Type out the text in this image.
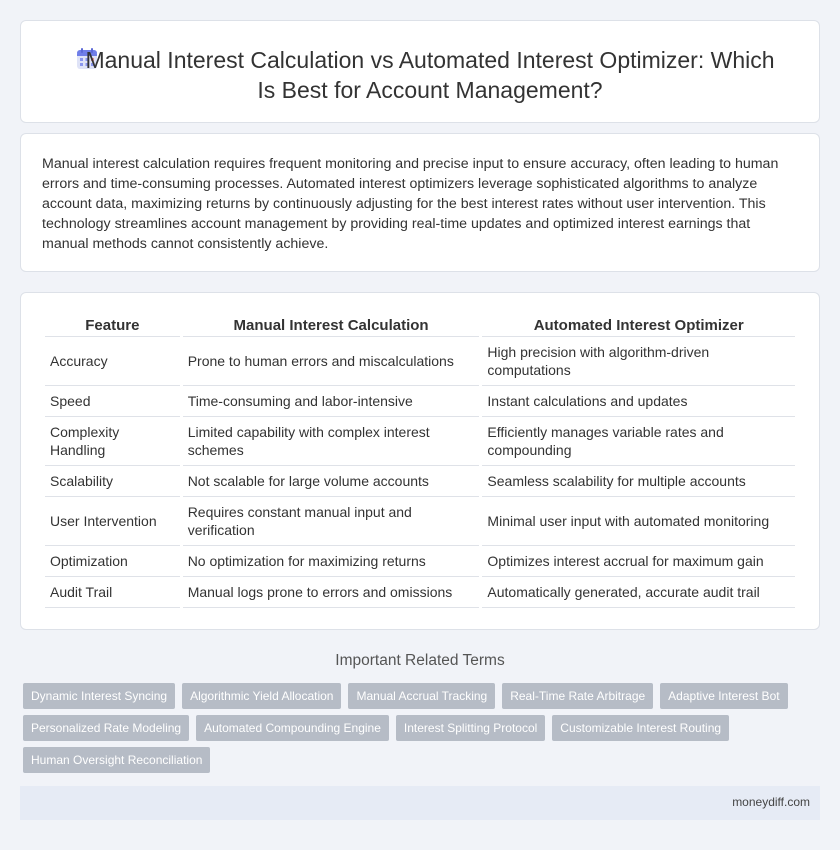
Manual Interest Calculation vs Automated Interest Optimizer: Which Is Best for Account Management?

Manual interest calculation requires frequent monitoring and precise input to ensure accuracy, often leading to human errors and time-consuming processes. Automated interest optimizers leverage sophisticated algorithms to analyze account data, maximizing returns by continuously adjusting for the best interest rates without user intervention. This technology streamlines account management by providing real-time updates and optimized interest earnings that manual methods cannot consistently achieve.

Feature	Manual Interest Calculation	Automated Interest Optimizer
Accuracy	Prone to human errors and miscalculations	High precision with algorithm-driven computations
Speed	Time-consuming and labor-intensive	Instant calculations and updates
Complexity Handling	Limited capability with complex interest schemes	Efficiently manages variable rates and compounding
Scalability	Not scalable for large volume accounts	Seamless scalability for multiple accounts
User Intervention	Requires constant manual input and verification	Minimal user input with automated monitoring
Optimization	No optimization for maximizing returns	Optimizes interest accrual for maximum gain
Audit Trail	Manual logs prone to errors and omissions	Automatically generated, accurate audit trail
Important Related Terms
Dynamic Interest Syncing	Algorithmic Yield Allocation	Manual Accrual Tracking	Real-Time Rate Arbitrage	Adaptive Interest Bot
Personalized Rate Modeling	Automated Compounding Engine	Interest Splitting Protocol	Customizable Interest Routing
Human Oversight Reconciliation
moneydiff.com
